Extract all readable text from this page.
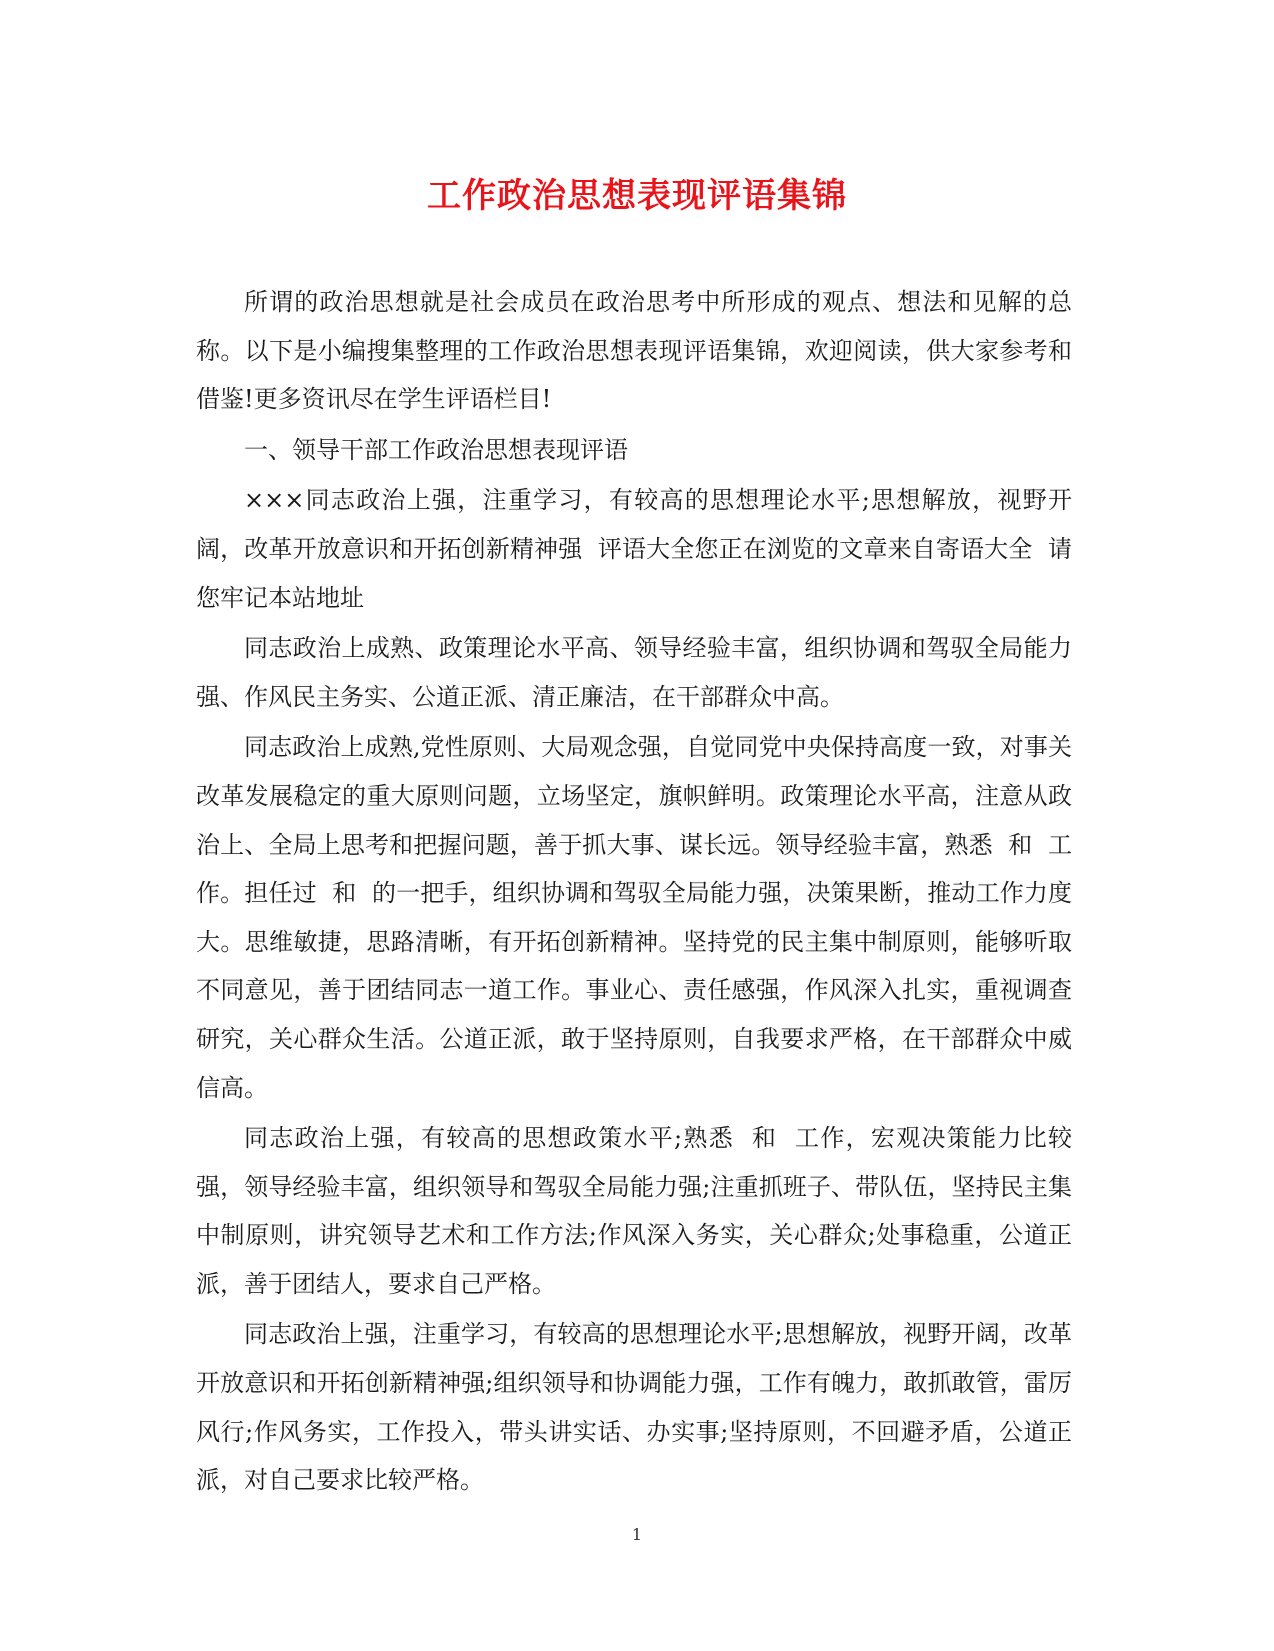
工作政治思想表现评语集锦

所谓的政治思想就是社会成员在政治思考中所形成的观点、想法和见解的总称。以下是小编搜集整理的工作政治思想表现评语集锦，欢迎阅读，供大家参考和借鉴!更多资讯尽在学生评语栏目!

一、领导干部工作政治思想表现评语

×××同志政治上强，注重学习，有较高的思想理论水平;思想解放，视野开阔，改革开放意识和开拓创新精神强  评语大全您正在浏览的文章来自寄语大全  请您牢记本站地址

同志政治上成熟、政策理论水平高、领导经验丰富，组织协调和驾驭全局能力强、作风民主务实、公道正派、清正廉洁，在干部群众中高。

同志政治上成熟,党性原则、大局观念强，自觉同党中央保持高度一致，对事关改革发展稳定的重大原则问题，立场坚定，旗帜鲜明。政策理论水平高，注意从政治上、全局上思考和把握问题，善于抓大事、谋长远。领导经验丰富，熟悉  和  工作。担任过  和  的一把手，组织协调和驾驭全局能力强，决策果断，推动工作力度大。思维敏捷，思路清晰，有开拓创新精神。坚持党的民主集中制原则，能够听取不同意见，善于团结同志一道工作。事业心、责任感强，作风深入扎实，重视调查研究，关心群众生活。公道正派，敢于坚持原则，自我要求严格，在干部群众中威信高。

同志政治上强，有较高的思想政策水平;熟悉  和  工作，宏观决策能力比较强，领导经验丰富，组织领导和驾驭全局能力强;注重抓班子、带队伍，坚持民主集中制原则，讲究领导艺术和工作方法;作风深入务实，关心群众;处事稳重，公道正派，善于团结人，要求自己严格。

同志政治上强，注重学习，有较高的思想理论水平;思想解放，视野开阔，改革开放意识和开拓创新精神强;组织领导和协调能力强，工作有魄力，敢抓敢管，雷厉风行;作风务实，工作投入，带头讲实话、办实事;坚持原则，不回避矛盾，公道正派，对自己要求比较严格。

1
